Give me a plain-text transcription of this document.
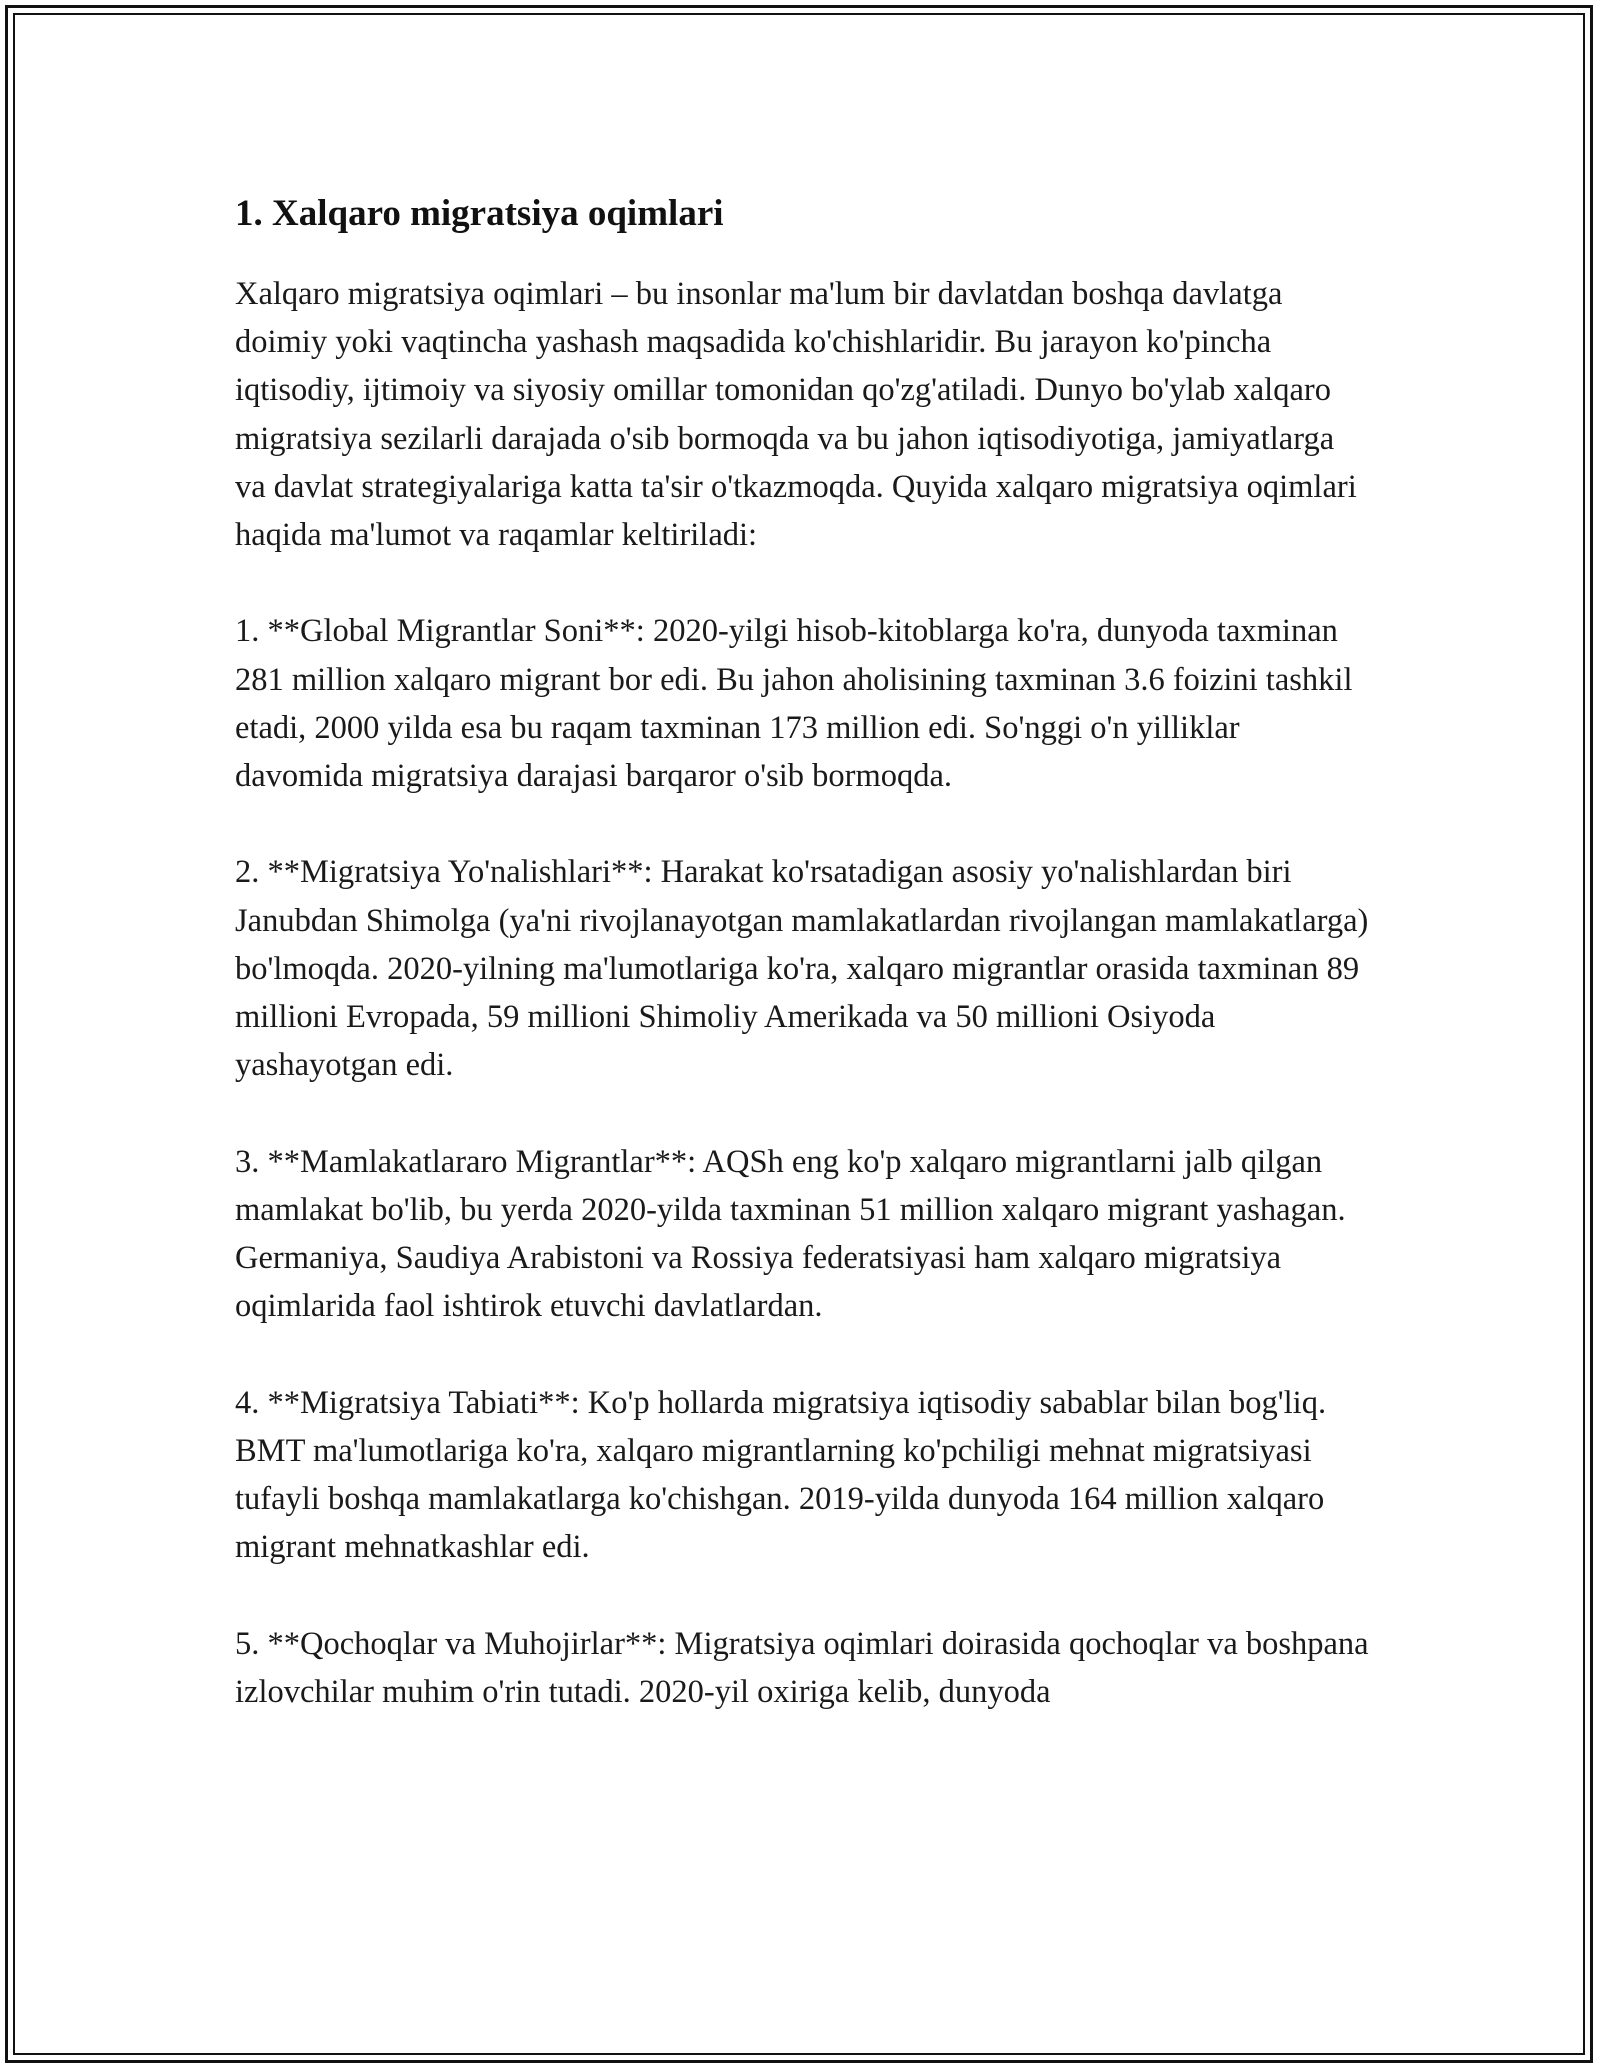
1. Xalqaro migratsiya oqimlari

Xalqaro migratsiya oqimlari – bu insonlar ma'lum bir davlatdan boshqa davlatga doimiy yoki vaqtincha yashash maqsadida ko'chishlaridir. Bu jarayon ko'pincha iqtisodiy, ijtimoiy va siyosiy omillar tomonidan qo'zg'atiladi. Dunyo bo'ylab xalqaro migratsiya sezilarli darajada o'sib bormoqda va bu jahon iqtisodiyotiga, jamiyatlarga va davlat strategiyalariga katta ta'sir o'tkazmoqda. Quyida xalqaro migratsiya oqimlari haqida ma'lumot va raqamlar keltiriladi:

1. **Global Migrantlar Soni**: 2020-yilgi hisob-kitoblarga ko'ra, dunyoda taxminan 281 million xalqaro migrant bor edi. Bu jahon aholisining taxminan 3.6 foizini tashkil etadi, 2000 yilda esa bu raqam taxminan 173 million edi. So'nggi o'n yilliklar davomida migratsiya darajasi barqaror o'sib bormoqda.

2. **Migratsiya Yo'nalishlari**: Harakat ko'rsatadigan asosiy yo'nalishlardan biri Janubdan Shimolga (ya'ni rivojlanayotgan mamlakatlardan rivojlangan mamlakatlarga) bo'lmoqda. 2020-yilning ma'lumotlariga ko'ra, xalqaro migrantlar orasida taxminan 89 millioni Evropada, 59 millioni Shimoliy Amerikada va 50 millioni Osiyoda yashayotgan edi.

3. **Mamlakatlararo Migrantlar**: AQSh eng ko'p xalqaro migrantlarni jalb qilgan mamlakat bo'lib, bu yerda 2020-yilda taxminan 51 million xalqaro migrant yashagan. Germaniya, Saudiya Arabistoni va Rossiya federatsiyasi ham xalqaro migratsiya oqimlarida faol ishtirok etuvchi davlatlardan.

4. **Migratsiya Tabiati**: Ko'p hollarda migratsiya iqtisodiy sabablar bilan bog'liq. BMT ma'lumotlariga ko'ra, xalqaro migrantlarning ko'pchiligi mehnat migratsiyasi tufayli boshqa mamlakatlarga ko'chishgan. 2019-yilda dunyoda 164 million xalqaro migrant mehnatkashlar edi.

5. **Qochoqlar va Muhojirlar**: Migratsiya oqimlari doirasida qochoqlar va boshpana izlovchilar muhim o'rin tutadi. 2020-yil oxiriga kelib, dunyoda
